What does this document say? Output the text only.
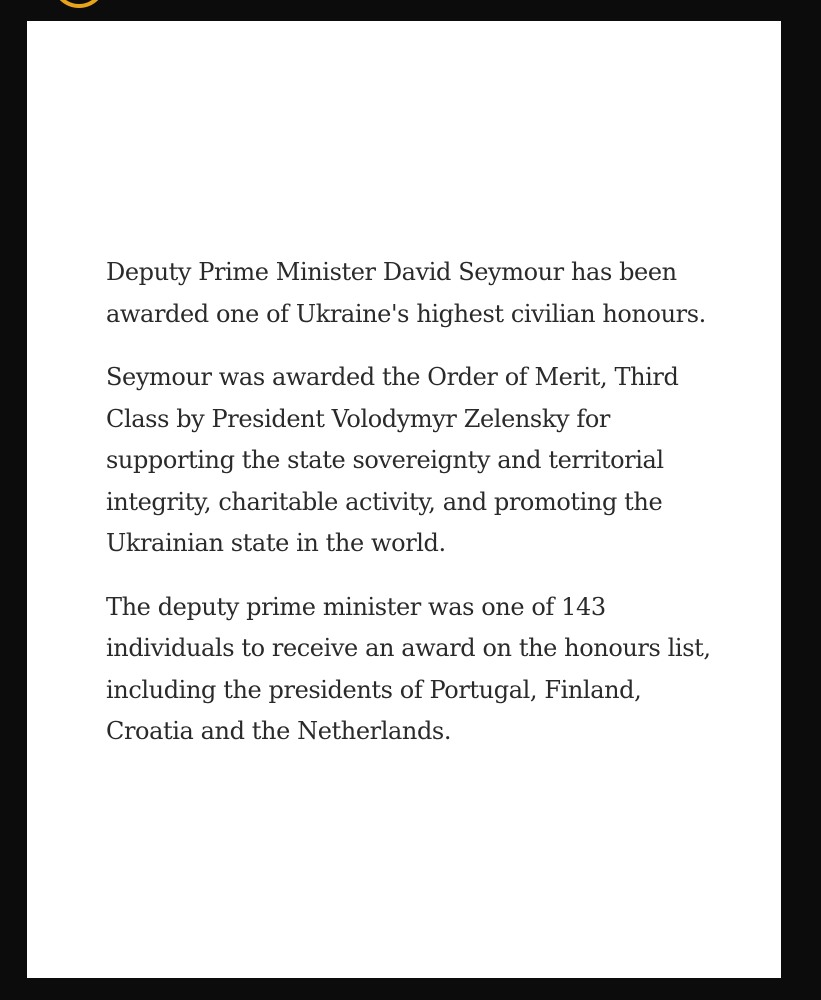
Deputy Prime Minister David Seymour has been awarded one of Ukraine's highest civilian honours.

Seymour was awarded the Order of Merit, Third Class by President Volodymyr Zelensky for supporting the state sovereignty and territorial integrity, charitable activity, and promoting the Ukrainian state in the world.

The deputy prime minister was one of 143 individuals to receive an award on the honours list, including the presidents of Portugal, Finland, Croatia and the Netherlands.
